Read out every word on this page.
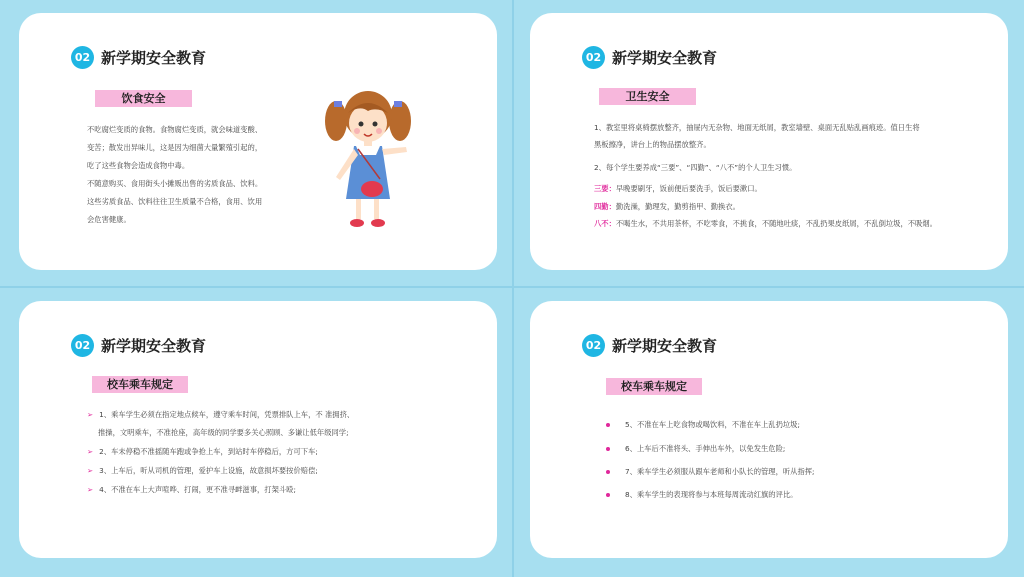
02 新学期安全教育
饮食安全
不吃腐烂变质的食物。食物腐烂变质，就会味道变酸、
变苦；散发出异味儿，这是因为细菌大量繁殖引起的，
吃了这些食物会造成食物中毒。
不随意购买、食用街头小摊贩出售的劣质食品、饮料。
这些劣质食品、饮料往往卫生质量不合格，食用、饮用
会危害健康。
02 新学期安全教育
卫生安全
1、教室里将桌椅摆放整齐，抽屉内无杂物、地面无纸屑，教室墙壁、桌面无乱贴乱画痕迹。值日生将
黑板擦净，讲台上的物品摆放整齐。
2、每个学生要养成“三要”、“四勤”、“八不”的个人卫生习惯。
三要：早晚要刷牙，饭前便后要洗手，饭后要漱口。
四勤：勤洗澡，勤理发，勤剪指甲、勤换衣。
八不：不喝生水，不共用茶杯，不吃零食，不挑食，不随地吐痰，不乱扔果皮纸屑，不乱倒垃圾，不吸烟。
02 新学期安全教育
校车乘车规定
➢ 1、乘车学生必须在指定地点候车，遵守乘车时间，凭票排队上车，不 准拥挤、
推操，文明乘车，不准抢座，高年级的同学要多关心照顾、多谦让低年级同学;
➢ 2、车未停稳不准摇随车跑或争抢上车，到站时车停稳后，方可下车;
➢ 3、上车后，听从司机的管理，爱护车上设施，故意损坏要按价赔偿;
➢ 4、不准在车上大声喧哗、打闹，更不准寻衅滋事，打架斗殴;
02 新学期安全教育
校车乘车规定
5、不准在车上吃食物或喝饮料，不准在车上乱扔垃圾;
6、上车后不准将头、手伸出车外，以免发生危险;
7、乘车学生必须服从跟车老师和小队长的管理，听从指挥;
8、乘车学生的表现将参与本班每周流动红旗的评比。
